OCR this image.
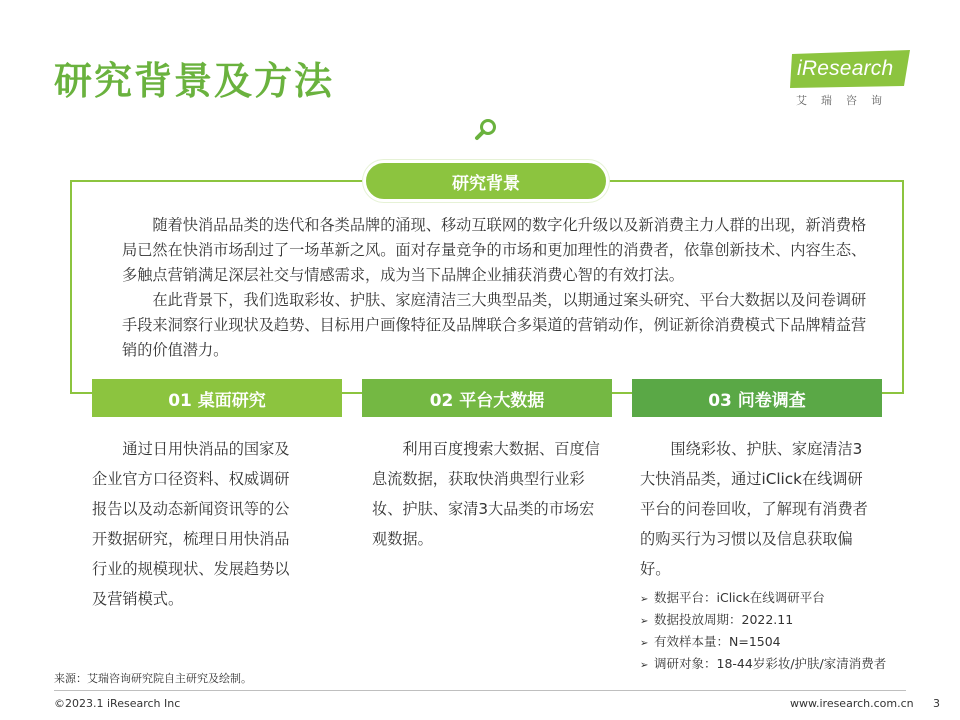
研究背景及方法	iResearch
艾瑞咨询
研究背景

随着快消品品类的迭代和各类品牌的涌现、移动互联网的数字化升级以及新消费主力人群的出现，新消费格局已然在快消市场刮过了一场革新之风。面对存量竞争的市场和更加理性的消费者，依靠创新技术、内容生态、多触点营销满足深层社交与情感需求，成为当下品牌企业捕获消费心智的有效打法。

在此背景下，我们选取彩妆、护肤、家庭清洁三大典型品类，以期通过案头研究、平台大数据以及问卷调研手段来洞察行业现状及趋势、目标用户画像特征及品牌联合多渠道的营销动作，例证新徐消费模式下品牌精益营销的价值潜力。

01 桌面研究	02 平台大数据	03 问卷调查

通过日用快消品的国家及企业官方口径资料、权威调研报告以及动态新闻资讯等的公开数据研究，梳理日用快消品行业的规模现状、发展趋势以及营销模式。

利用百度搜索大数据、百度信息流数据，获取快消典型行业彩妆、护肤、家清3大品类的市场宏观数据。

围绕彩妆、护肤、家庭清洁3大快消品类，通过iClick在线调研平台的问卷回收，了解现有消费者的购买行为习惯以及信息获取偏好。

➢ 数据平台：iClick在线调研平台
➢ 数据投放周期：2022.11
➢ 有效样本量：N=1504
➢ 调研对象：18-44岁彩妆/护肤/家清消费者
来源：艾瑞咨询研究院自主研究及绘制。
©2023.1 iResearch Inc	www.iresearch.com.cn 3
